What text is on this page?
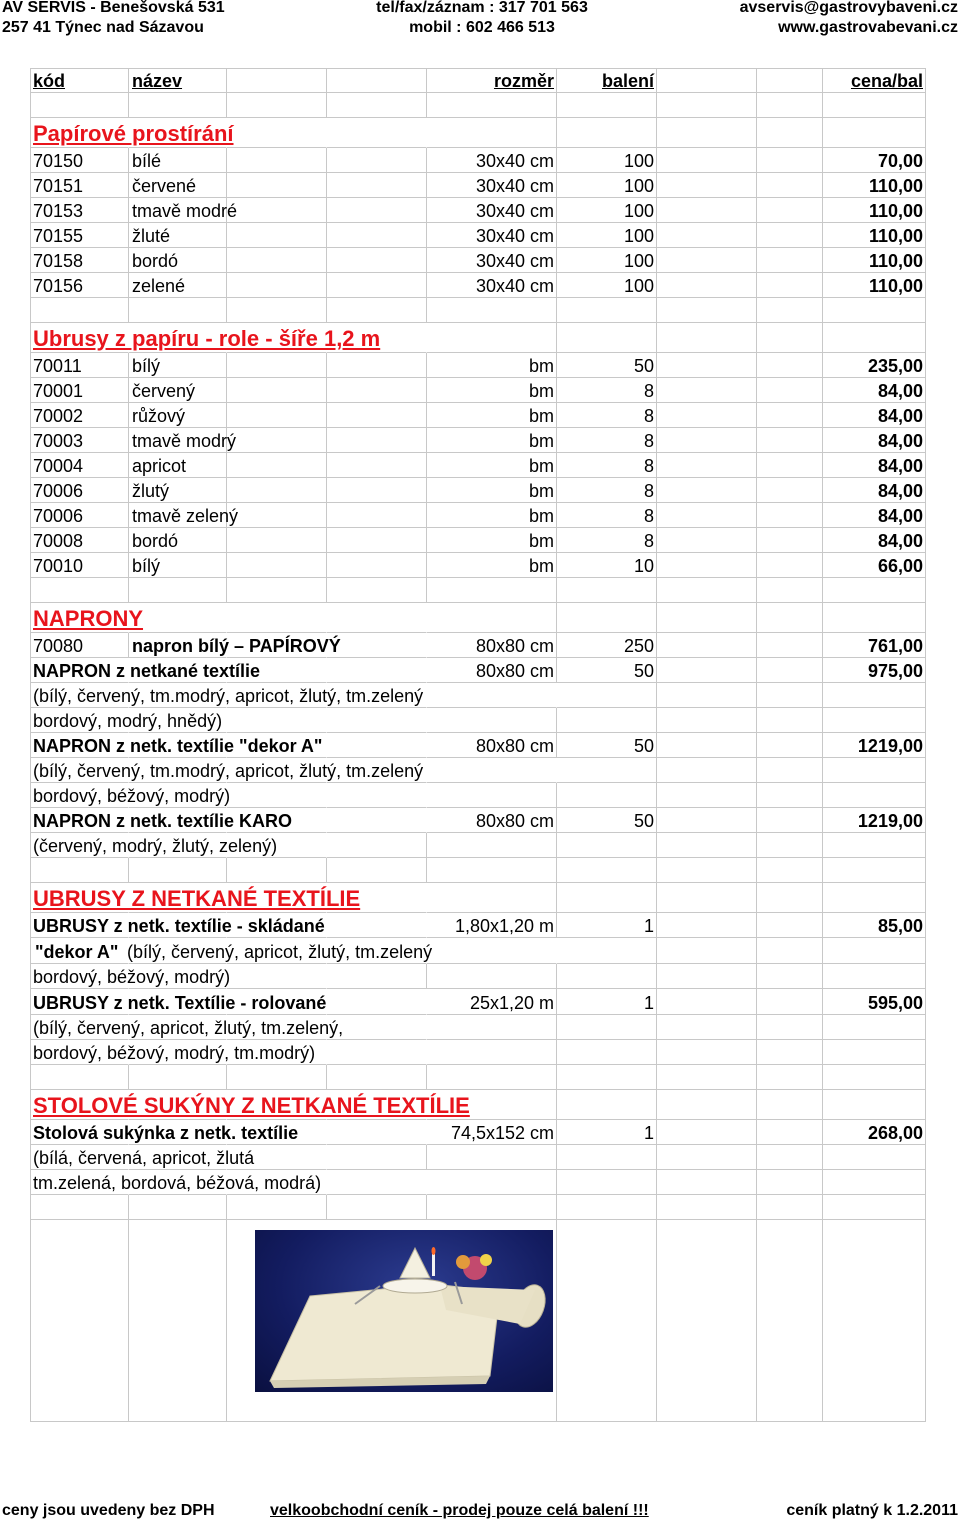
AV SERVIS - Benešovská 531
257 41 Týnec nad Sázavou
tel/fax/záznam : 317 701 563
mobil : 602 466 513
avservis@gastrovybaveni.cz
www.gastrovabevani.cz
kód	název	rozměr	balení	cena/bal
Papírové prostírání
70150	bílé	30x40 cm	100	70,00
70151	červené	30x40 cm	100	110,00
70153	tmavě modré	30x40 cm	100	110,00
70155	žluté	30x40 cm	100	110,00
70158	bordó	30x40 cm	100	110,00
70156	zelené	30x40 cm	100	110,00
Ubrusy z papíru - role - šíře 1,2 m
70011	bílý	bm	50	235,00
70001	červený	bm	8	84,00
70002	růžový	bm	8	84,00
70003	tmavě modrý	bm	8	84,00
70004	apricot	bm	8	84,00
70006	žlutý	bm	8	84,00
70006	tmavě zelený	bm	8	84,00
70008	bordó	bm	8	84,00
70010	bílý	bm	10	66,00
NAPRONY
70080	napron bílý – PAPÍROVÝ	80x80 cm	250	761,00
NAPRON z netkané textílie	80x80 cm	50	975,00
(bílý, červený, tm.modrý, apricot, žlutý, tm.zelený
bordový, modrý, hnědý)
NAPRON z netk. textílie "dekor A"	80x80 cm	50	1219,00
(bílý, červený, tm.modrý, apricot, žlutý, tm.zelený
bordový, béžový, modrý)
NAPRON z netk. textílie KARO	80x80 cm	50	1219,00
(červený, modrý, žlutý, zelený)
UBRUSY Z NETKANÉ TEXTÍLIE
UBRUSY z netk. textílie - skládané	1,80x1,20 m	1	85,00
"dekor A" (bílý, červený, apricot, žlutý, tm.zelený
bordový, béžový, modrý)
UBRUSY z netk. Textílie - rolované	25x1,20 m	1	595,00
(bílý, červený, apricot, žlutý, tm.zelený,
bordový, béžový, modrý, tm.modrý)
STOLOVÉ SUKÝNY Z NETKANÉ TEXTÍLIE
Stolová sukýnka z netk. textílie	74,5x152 cm	1	268,00
(bílá, červená, apricot, žlutá
tm.zelená, bordová, béžová, modrá)
ceny jsou uvedeny bez DPH	velkoobchodní ceník - prodej pouze celá balení !!!	ceník platný k 1.2.2011
